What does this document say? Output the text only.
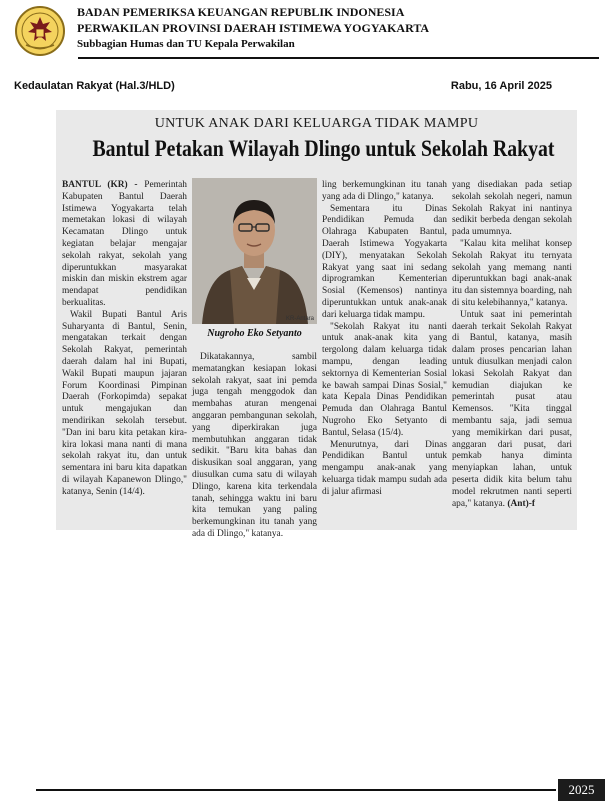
BADAN PEMERIKSA KEUANGAN REPUBLIK INDONESIA
PERWAKILAN PROVINSI DAERAH ISTIMEWA YOGYAKARTA
Subbagian Humas dan TU Kepala Perwakilan
Kedaulatan Rakyat (Hal.3/HLD)	Rabu, 16 April 2025
UNTUK ANAK DARI KELUARGA TIDAK MAMPU
Bantul Petakan Wilayah Dlingo untuk Sekolah Rakyat

BANTUL (KR) - Pemerintah Kabupaten Bantul Daerah Istimewa Yogyakarta telah memetakan lokasi di wilayah Kecamatan Dlingo untuk kegiatan belajar mengajar sekolah rakyat, sekolah yang diperuntukkan masyarakat miskin dan miskin ekstrem agar mendapat pendidikan berkualitas.

Wakil Bupati Bantul Aris Suharyanta di Bantul, Senin, mengatakan terkait dengan Sekolah Rakyat, pemerintah daerah dalam hal ini Bupati, Wakil Bupati maupun jajaran Forum Koordinasi Pimpinan Daerah (Forkopimda) sepakat untuk mengajukan dan mendirikan sekolah tersebut. "Dan ini baru kita petakan kira-kira lokasi mana nanti di mana sekolah rakyat itu, dan untuk sementara ini baru kita dapatkan di wilayah Kapanewon Dlingo," katanya, Senin (14/4).

KR-Antara
Nugroho Eko Setyanto

Dikatakannya, sambil mematangkan kesiapan lokasi sekolah rakyat, saat ini pemda juga tengah menggodok dan membahas aturan mengenai anggaran pembangunan sekolah, yang diperkirakan juga membutuhkan anggaran tidak sedikit. "Baru kita bahas dan diskusikan soal anggaran, yang diusulkan cuma satu di wilayah Dlingo, karena kita terkendala tanah, sehingga waktu ini baru kita temukan yang paling berkemungkinan itu tanah yang ada di Dlingo," katanya.

ling berkemungkinan itu tanah yang ada di Dlingo," katanya.

Sementara itu Dinas Pendidikan Pemuda dan Olahraga Kabupaten Bantul, Daerah Istimewa Yogyakarta (DIY), menyatakan Sekolah Rakyat yang saat ini sedang diprogramkan Kementerian Sosial (Kemensos) nantinya diperuntukkan untuk anak-anak dari keluarga tidak mampu.

"Sekolah Rakyat itu nanti untuk anak-anak kita yang tergolong dalam keluarga tidak mampu, dengan leading sektornya di Kementerian Sosial ke bawah sampai Dinas Sosial," kata Kepala Dinas Pendidikan Pemuda dan Olahraga Bantul Nugroho Eko Setyanto di Bantul, Selasa (15/4).

Menurutnya, dari Dinas Pendidikan Bantul untuk mengampu anak-anak yang keluarga tidak mampu sudah ada di jalur afirmasi

yang disediakan pada setiap sekolah sekolah negeri, namun Sekolah Rakyat ini nantinya sedikit berbeda dengan sekolah pada umumnya.

"Kalau kita melihat konsep Sekolah Rakyat itu ternyata sekolah yang memang nanti diperuntukkan bagi anak-anak itu dan sistemnya boarding, nah di situ kelebihannya," katanya.

Untuk saat ini pemerintah daerah terkait Sekolah Rakyat di Bantul, katanya, masih dalam proses pencarian lahan untuk diusulkan menjadi calon lokasi Sekolah Rakyat dan kemudian diajukan ke pemerintah pusat atau Kemensos. "Kita tinggal membantu saja, jadi semua yang memikirkan dari pusat, anggaran dari pusat, dari pemkab hanya diminta menyiapkan lahan, untuk peserta didik kita belum tahu model rekrutmen nanti seperti apa," katanya. (Ant)-f

2025
